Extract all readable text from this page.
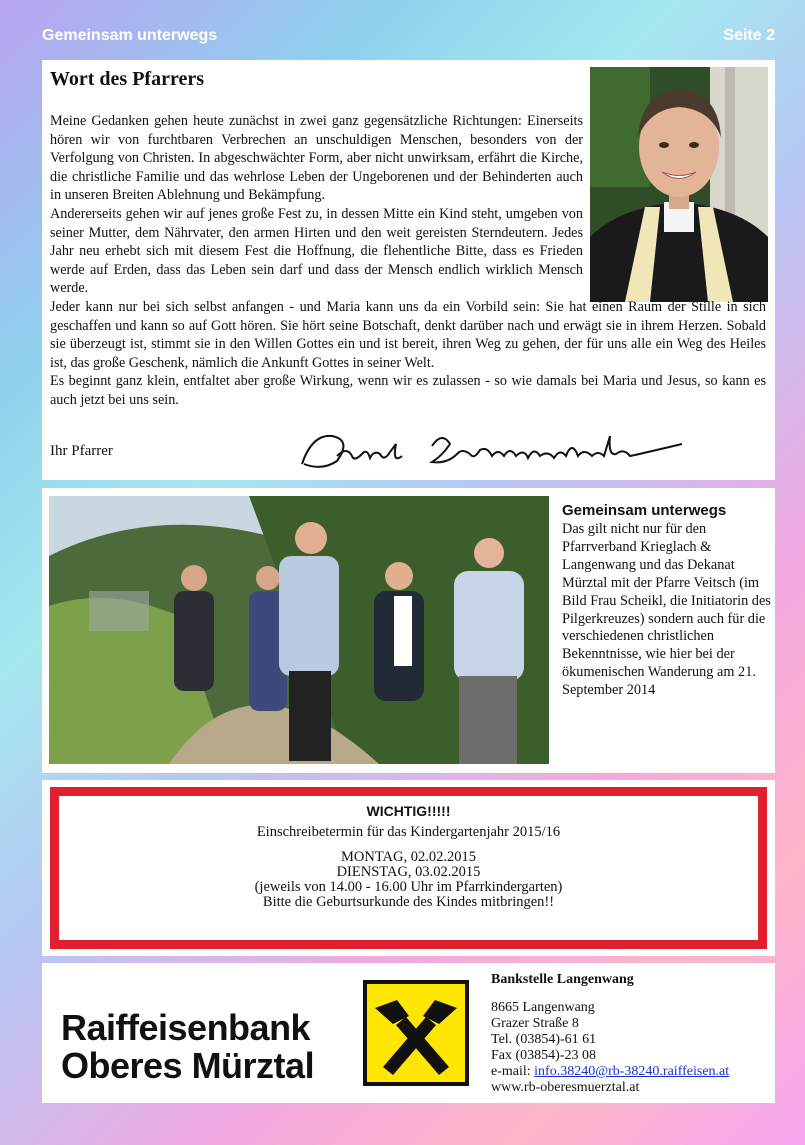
Gemeinsam unterwegs	Seite 2
Wort des Pfarrers

Meine Gedanken gehen heute zunächst in zwei ganz gegensätzliche Richtungen: Einerseits hören wir von furchtbaren Verbrechen an unschuldigen Menschen, besonders von der Verfolgung von Christen. In abgeschwächter Form, aber nicht unwirksam, erfährt die Kirche, die christliche Familie und das wehrlose Leben der Ungeborenen und der Behinderten auch in unseren Breiten Ablehnung und Bekämpfung.

Andererseits gehen wir auf jenes große Fest zu, in dessen Mitte ein Kind steht, umgeben von seiner Mutter, dem Nährvater, den armen Hirten und den weit gereisten Sterndeutern. Jedes Jahr neu erhebt sich mit diesem Fest die Hoffnung, die flehentliche Bitte, dass es Frieden werde auf Erden, dass das Leben sein darf und dass der Mensch endlich wirklich Mensch werde.

Jeder kann nur bei sich selbst anfangen - und Maria kann uns da ein Vorbild sein: Sie hat einen Raum der Stille in sich geschaffen und kann so auf Gott hören. Sie hört seine Botschaft, denkt darüber nach und erwägt sie in ihrem Herzen. Sobald sie überzeugt ist, stimmt sie in den Willen Gottes ein und ist bereit, ihren Weg zu gehen, der für uns alle ein Weg des Heiles ist, das große Geschenk, nämlich die Ankunft Gottes in seiner Welt.

Es beginnt ganz klein, entfaltet aber große Wirkung, wenn wir es zulassen - so wie damals bei Maria und Jesus, so kann es auch jetzt bei uns sein.

Ihr Pfarrer
Gemeinsam unterwegs

Das gilt nicht nur für den Pfarrverband Krieglach & Langenwang und das Dekanat Mürztal mit der Pfarre Veitsch (im Bild Frau Scheikl, die Initiatorin des Pilgerkreuzes) sondern auch für die verschiedenen christlichen Bekenntnisse, wie hier bei der ökumenischen Wanderung am 21. September 2014

WICHTIG!!!!!
Einschreibetermin für das Kindergartenjahr 2015/16
MONTAG, 02.02.2015
DIENSTAG, 03.02.2015
(jeweils von 14.00 - 16.00 Uhr im Pfarrkindergarten)
Bitte die Geburtsurkunde des Kindes mitbringen!!
Raiffeisenbank
Oberes Mürztal
Bankstelle Langenwang
8665 Langenwang
Grazer Straße 8
Tel. (03854)-61 61
Fax (03854)-23 08
e-mail: info.38240@rb-38240.raiffeisen.at
www.rb-oberesmuerztal.at
